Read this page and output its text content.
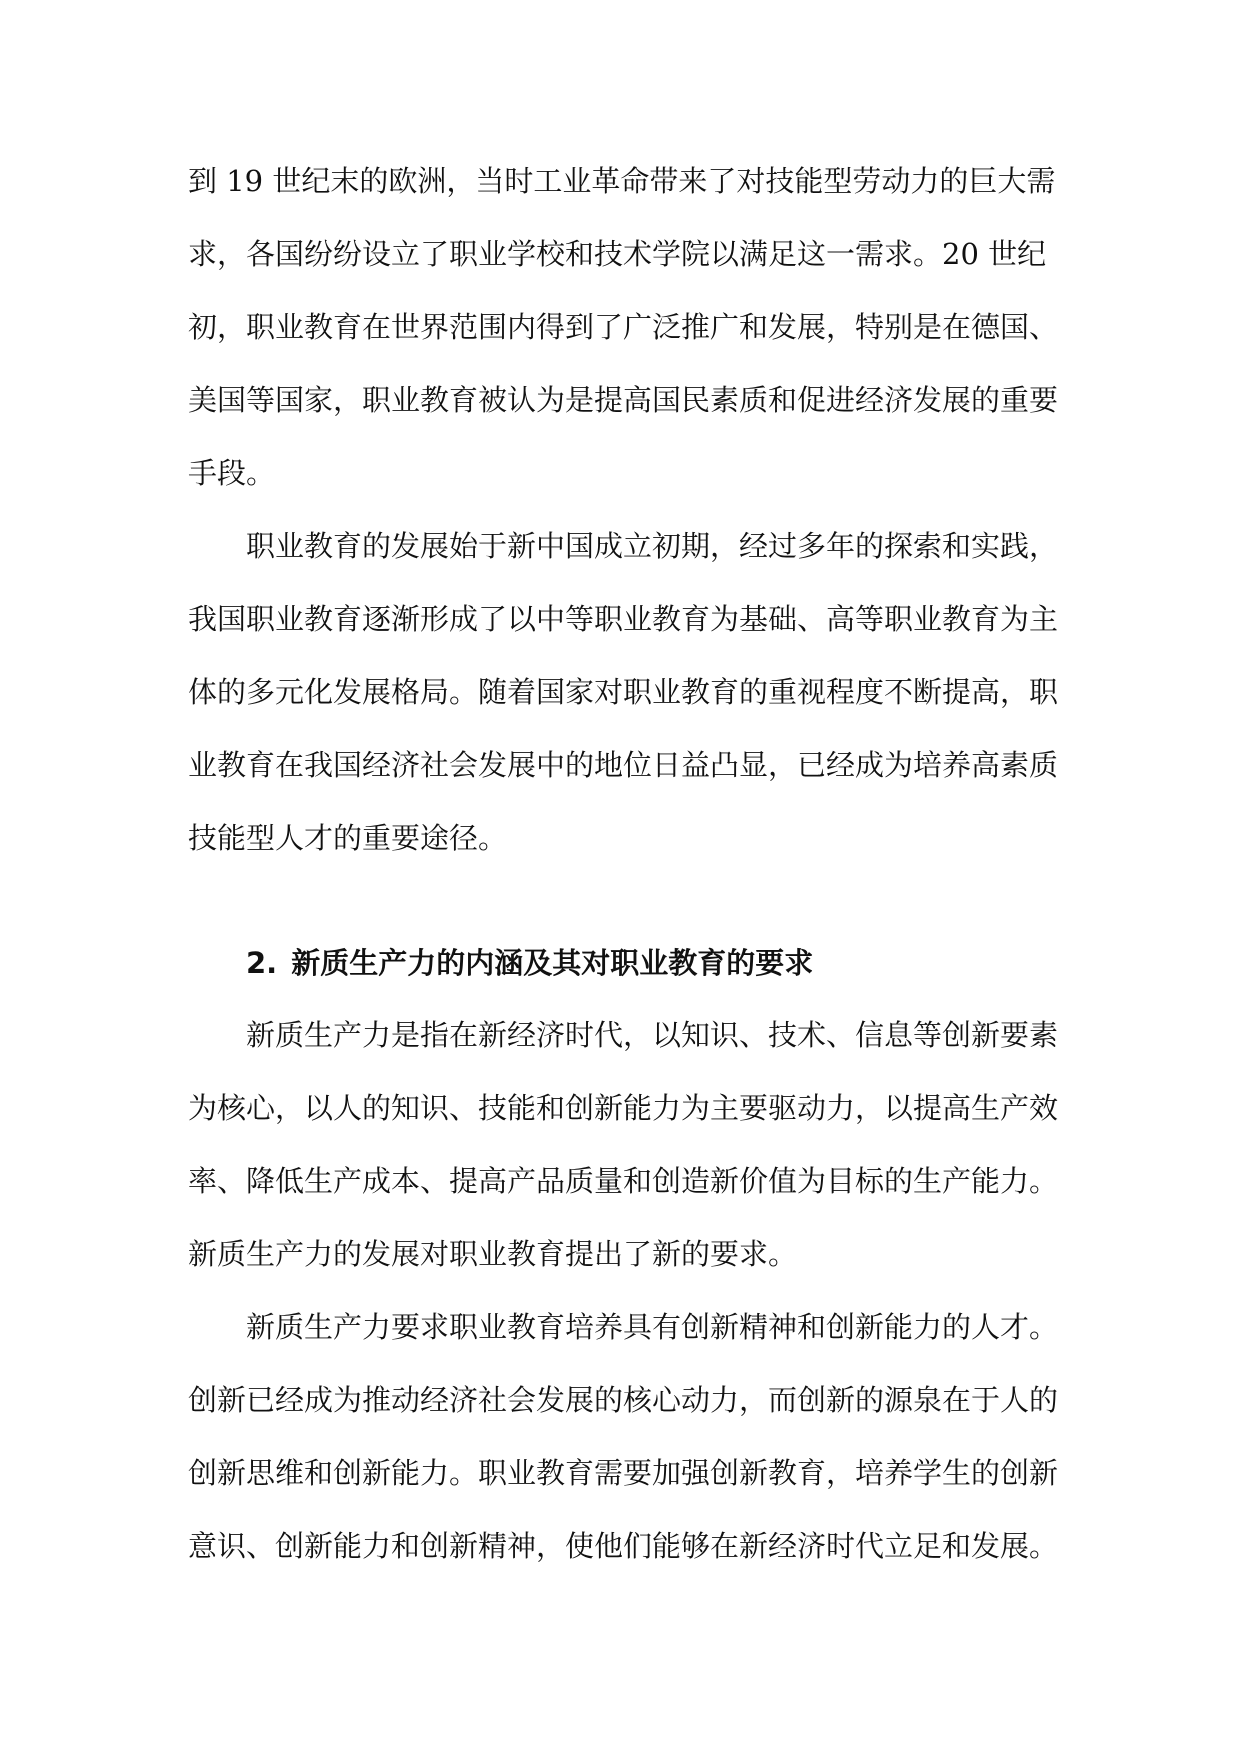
到 19 世纪末的欧洲，当时工业革命带来了对技能型劳动力的巨大需
求，各国纷纷设立了职业学校和技术学院以满足这一需求。20 世纪
初，职业教育在世界范围内得到了广泛推广和发展，特别是在德国、
美国等国家，职业教育被认为是提高国民素质和促进经济发展的重要
手段。
职业教育的发展始于新中国成立初期，经过多年的探索和实践，
我国职业教育逐渐形成了以中等职业教育为基础、高等职业教育为主
体的多元化发展格局。随着国家对职业教育的重视程度不断提高，职
业教育在我国经济社会发展中的地位日益凸显，已经成为培养高素质
技能型人才的重要途径。
2. 新质生产力的内涵及其对职业教育的要求
新质生产力是指在新经济时代，以知识、技术、信息等创新要素
为核心，以人的知识、技能和创新能力为主要驱动力，以提高生产效
率、降低生产成本、提高产品质量和创造新价值为目标的生产能力。
新质生产力的发展对职业教育提出了新的要求。
新质生产力要求职业教育培养具有创新精神和创新能力的人才。
创新已经成为推动经济社会发展的核心动力，而创新的源泉在于人的
创新思维和创新能力。职业教育需要加强创新教育，培养学生的创新
意识、创新能力和创新精神，使他们能够在新经济时代立足和发展。
